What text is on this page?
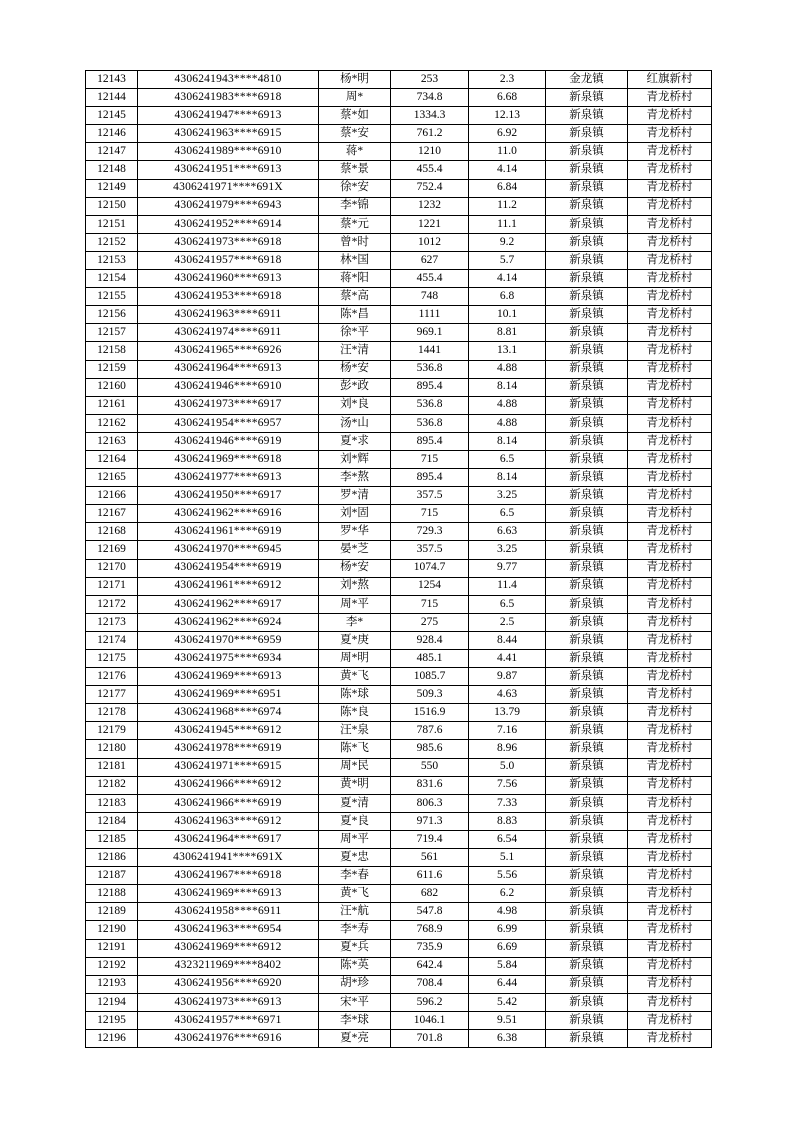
12143	4306241943****4810	杨*明	253	2.3	金龙镇	红旗新村
12144	4306241983****6918	周*	734.8	6.68	新泉镇	青龙桥村
12145	4306241947****6913	蔡*如	1334.3	12.13	新泉镇	青龙桥村
12146	4306241963****6915	蔡*安	761.2	6.92	新泉镇	青龙桥村
12147	4306241989****6910	蒋*	1210	11.0	新泉镇	青龙桥村
12148	4306241951****6913	蔡*景	455.4	4.14	新泉镇	青龙桥村
12149	4306241971****691X	徐*安	752.4	6.84	新泉镇	青龙桥村
12150	4306241979****6943	李*锦	1232	11.2	新泉镇	青龙桥村
12151	4306241952****6914	蔡*元	1221	11.1	新泉镇	青龙桥村
12152	4306241973****6918	曾*时	1012	9.2	新泉镇	青龙桥村
12153	4306241957****6918	林*国	627	5.7	新泉镇	青龙桥村
12154	4306241960****6913	蒋*阳	455.4	4.14	新泉镇	青龙桥村
12155	4306241953****6918	蔡*高	748	6.8	新泉镇	青龙桥村
12156	4306241963****6911	陈*昌	1111	10.1	新泉镇	青龙桥村
12157	4306241974****6911	徐*平	969.1	8.81	新泉镇	青龙桥村
12158	4306241965****6926	汪*清	1441	13.1	新泉镇	青龙桥村
12159	4306241964****6913	杨*安	536.8	4.88	新泉镇	青龙桥村
12160	4306241946****6910	彭*政	895.4	8.14	新泉镇	青龙桥村
12161	4306241973****6917	刘*良	536.8	4.88	新泉镇	青龙桥村
12162	4306241954****6957	汤*山	536.8	4.88	新泉镇	青龙桥村
12163	4306241946****6919	夏*求	895.4	8.14	新泉镇	青龙桥村
12164	4306241969****6918	刘*辉	715	6.5	新泉镇	青龙桥村
12165	4306241977****6913	李*熬	895.4	8.14	新泉镇	青龙桥村
12166	4306241950****6917	罗*清	357.5	3.25	新泉镇	青龙桥村
12167	4306241962****6916	刘*固	715	6.5	新泉镇	青龙桥村
12168	4306241961****6919	罗*华	729.3	6.63	新泉镇	青龙桥村
12169	4306241970****6945	晏*芝	357.5	3.25	新泉镇	青龙桥村
12170	4306241954****6919	杨*安	1074.7	9.77	新泉镇	青龙桥村
12171	4306241961****6912	刘*熬	1254	11.4	新泉镇	青龙桥村
12172	4306241962****6917	周*平	715	6.5	新泉镇	青龙桥村
12173	4306241962****6924	李*	275	2.5	新泉镇	青龙桥村
12174	4306241970****6959	夏*庚	928.4	8.44	新泉镇	青龙桥村
12175	4306241975****6934	周*明	485.1	4.41	新泉镇	青龙桥村
12176	4306241969****6913	黄*飞	1085.7	9.87	新泉镇	青龙桥村
12177	4306241969****6951	陈*球	509.3	4.63	新泉镇	青龙桥村
12178	4306241968****6974	陈*良	1516.9	13.79	新泉镇	青龙桥村
12179	4306241945****6912	汪*泉	787.6	7.16	新泉镇	青龙桥村
12180	4306241978****6919	陈*飞	985.6	8.96	新泉镇	青龙桥村
12181	4306241971****6915	周*民	550	5.0	新泉镇	青龙桥村
12182	4306241966****6912	黄*明	831.6	7.56	新泉镇	青龙桥村
12183	4306241966****6919	夏*清	806.3	7.33	新泉镇	青龙桥村
12184	4306241963****6912	夏*良	971.3	8.83	新泉镇	青龙桥村
12185	4306241964****6917	周*平	719.4	6.54	新泉镇	青龙桥村
12186	4306241941****691X	夏*忠	561	5.1	新泉镇	青龙桥村
12187	4306241967****6918	李*春	611.6	5.56	新泉镇	青龙桥村
12188	4306241969****6913	黄*飞	682	6.2	新泉镇	青龙桥村
12189	4306241958****6911	汪*航	547.8	4.98	新泉镇	青龙桥村
12190	4306241963****6954	李*寿	768.9	6.99	新泉镇	青龙桥村
12191	4306241969****6912	夏*兵	735.9	6.69	新泉镇	青龙桥村
12192	4323211969****8402	陈*英	642.4	5.84	新泉镇	青龙桥村
12193	4306241956****6920	胡*珍	708.4	6.44	新泉镇	青龙桥村
12194	4306241973****6913	宋*平	596.2	5.42	新泉镇	青龙桥村
12195	4306241957****6971	李*球	1046.1	9.51	新泉镇	青龙桥村
12196	4306241976****6916	夏*亮	701.8	6.38	新泉镇	青龙桥村
